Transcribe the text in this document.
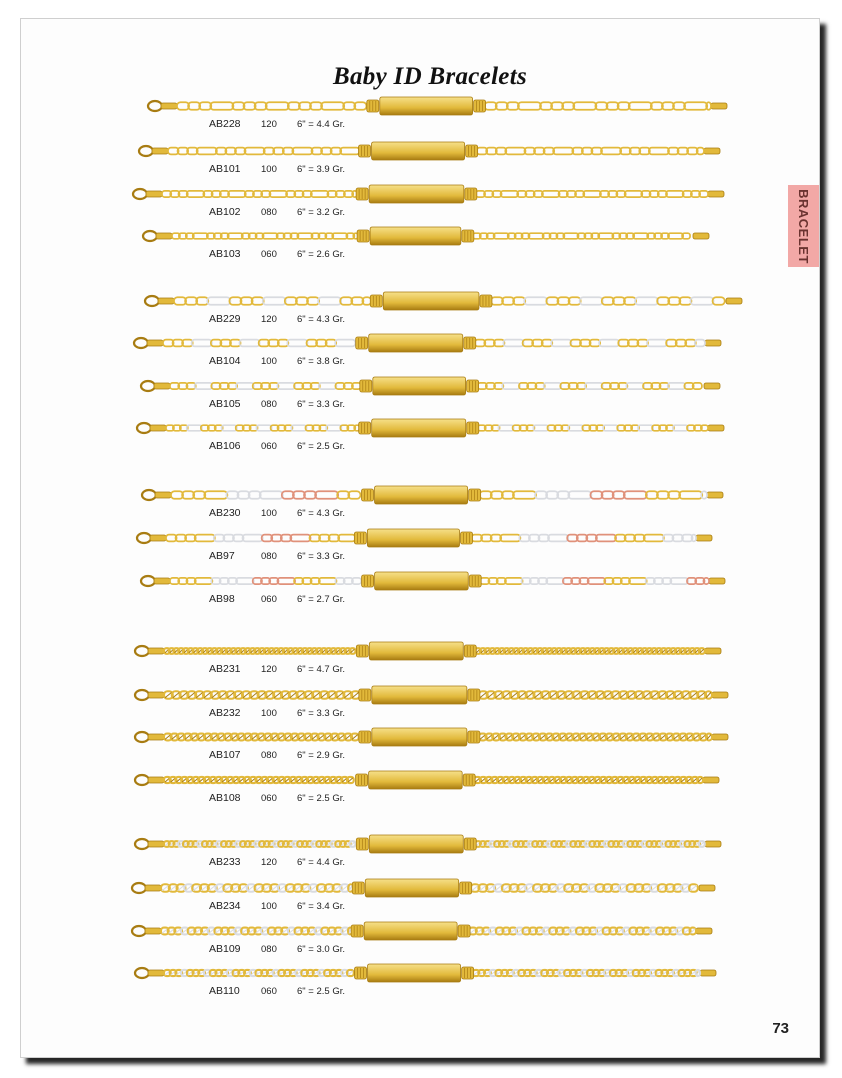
Baby ID Bracelets
BRACELET
AB228	120	6" = 4.4 Gr.
AB101	100	6" = 3.9 Gr.
AB102	080	6" = 3.2 Gr.
AB103	060	6" = 2.6 Gr.
AB229	120	6" = 4.3 Gr.
AB104	100	6" = 3.8 Gr.
AB105	080	6" = 3.3 Gr.
AB106	060	6" = 2.5 Gr.
AB230	100	6" = 4.3 Gr.
AB97	080	6" = 3.3 Gr.
AB98	060	6" = 2.7 Gr.
AB231	120	6" = 4.7 Gr.
AB232	100	6" = 3.3 Gr.
AB107	080	6" = 2.9 Gr.
AB108	060	6" = 2.5 Gr.
AB233	120	6" = 4.4 Gr.
AB234	100	6" = 3.4 Gr.
AB109	080	6" = 3.0 Gr.
AB110	060	6" = 2.5 Gr.
73
